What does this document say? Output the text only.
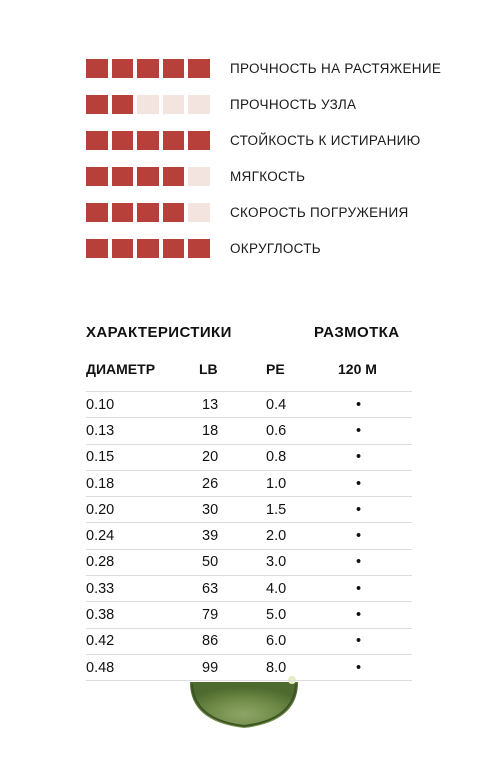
ПРОЧНОСТЬ НА РАСТЯЖЕНИЕ
ПРОЧНОСТЬ УЗЛА
СТОЙКОСТЬ К ИСТИРАНИЮ
МЯГКОСТЬ
СКОРОСТЬ ПОГРУЖЕНИЯ
ОКРУГЛОСТЬ
ХАРАКТЕРИСТИКИ	РАЗМОТКА
ДИАМЕТР	LB	PE	120 M
0.10	13	0.4	•
0.13	18	0.6	•
0.15	20	0.8	•
0.18	26	1.0	•
0.20	30	1.5	•
0.24	39	2.0	•
0.28	50	3.0	•
0.33	63	4.0	•
0.38	79	5.0	•
0.42	86	6.0	•
0.48	99	8.0	•
